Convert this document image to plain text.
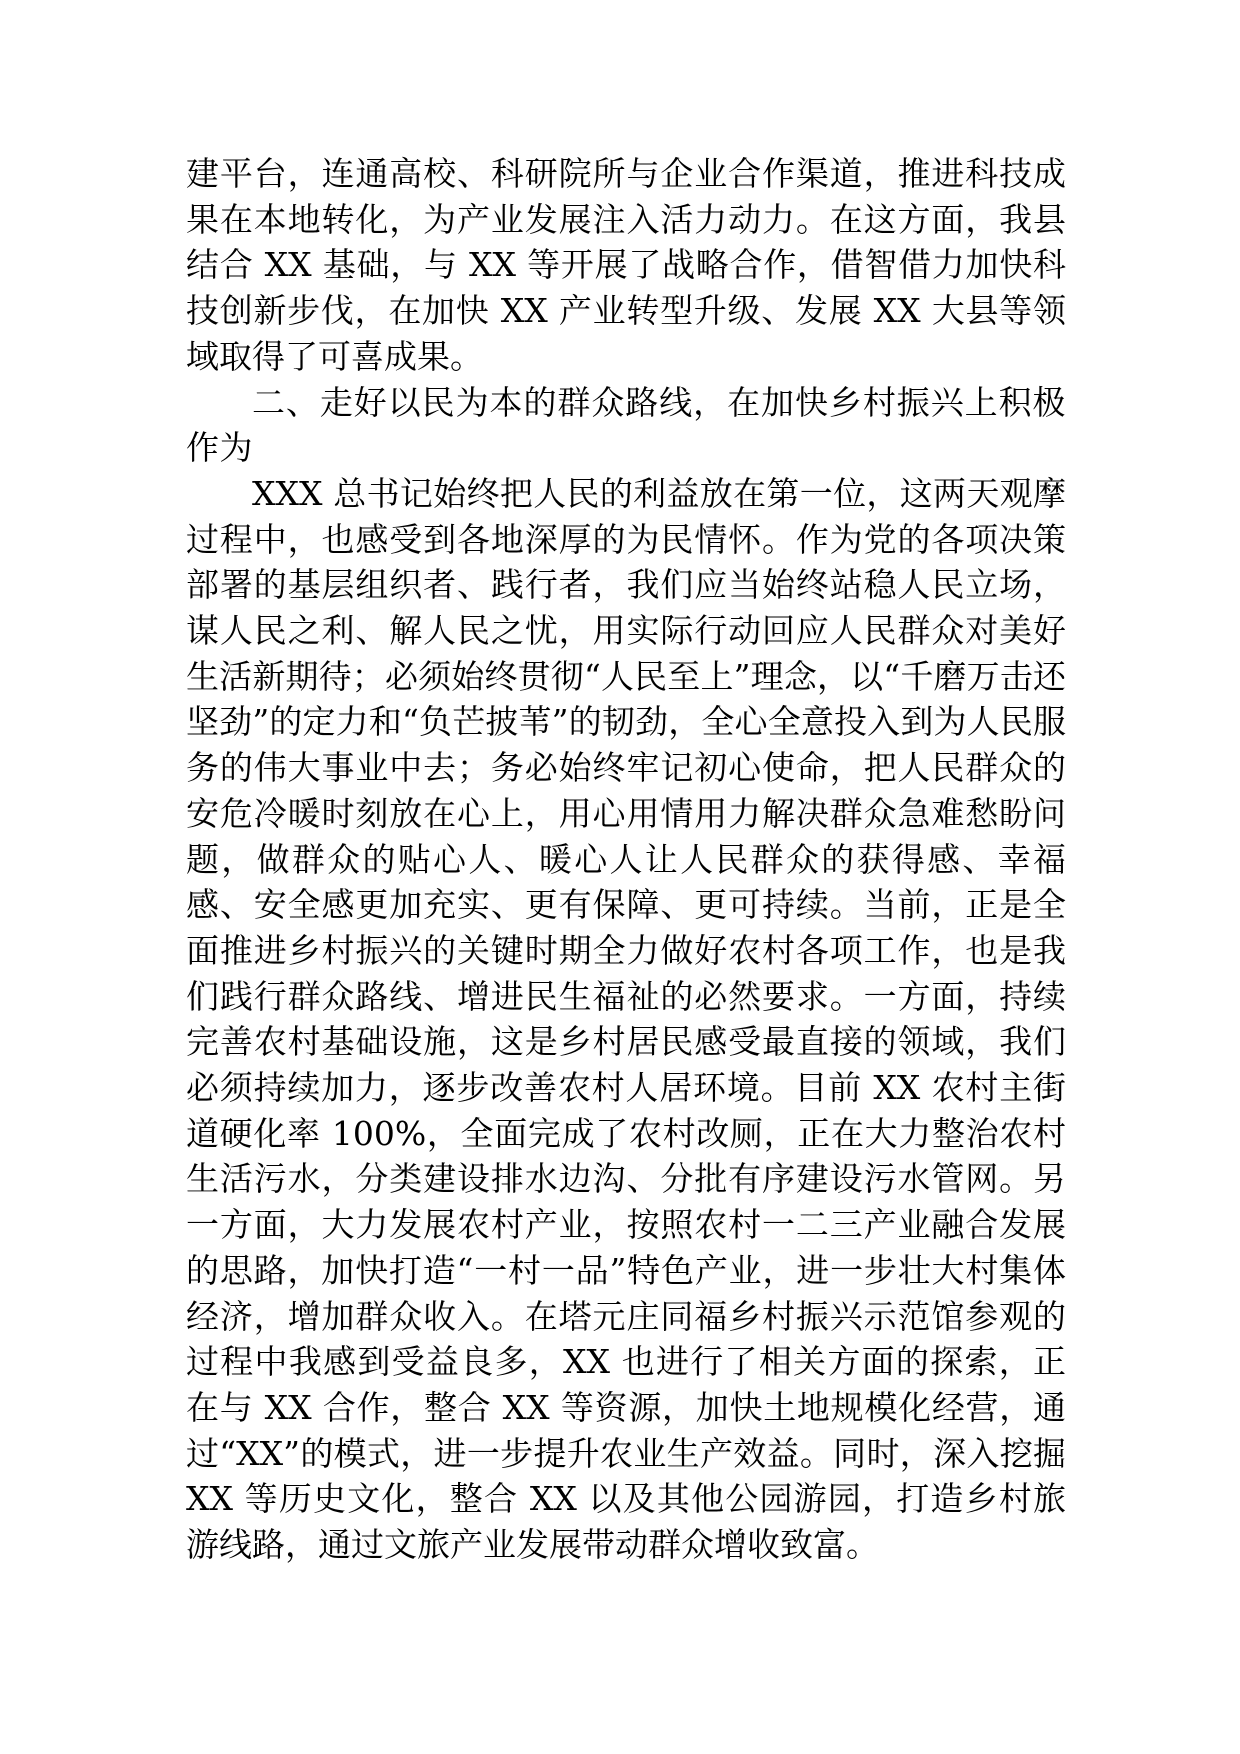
建平台，连通高校、科研院所与企业合作渠道，推进科技成果在本地转化，为产业发展注入活力动力。在这方面，我县结合 XX 基础，与 XX 等开展了战略合作，借智借力加快科技创新步伐，在加快 XX 产业转型升级、发展 XX 大县等领域取得了可喜成果。

二、走好以民为本的群众路线，在加快乡村振兴上积极作为

XXX 总书记始终把人民的利益放在第一位，这两天观摩过程中，也感受到各地深厚的为民情怀。作为党的各项决策部署的基层组织者、践行者，我们应当始终站稳人民立场，谋人民之利、解人民之忧，用实际行动回应人民群众对美好生活新期待；必须始终贯彻“人民至上”理念，以“千磨万击还坚劲”的定力和“负芒披苇”的韧劲，全心全意投入到为人民服务的伟大事业中去；务必始终牢记初心使命，把人民群众的安危冷暖时刻放在心上，用心用情用力解决群众急难愁盼问题，做群众的贴心人、暖心人让人民群众的获得感、幸福感、安全感更加充实、更有保障、更可持续。当前，正是全面推进乡村振兴的关键时期全力做好农村各项工作，也是我们践行群众路线、增进民生福祉的必然要求。一方面，持续完善农村基础设施，这是乡村居民感受最直接的领域，我们必须持续加力，逐步改善农村人居环境。目前 XX 农村主街道硬化率 100%，全面完成了农村改厕，正在大力整治农村生活污水，分类建设排水边沟、分批有序建设污水管网。另一方面，大力发展农村产业，按照农村一二三产业融合发展的思路，加快打造“一村一品”特色产业，进一步壮大村集体经济，增加群众收入。在塔元庄同福乡村振兴示范馆参观的过程中我感到受益良多，XX 也进行了相关方面的探索，正在与 XX 合作，整合 XX 等资源，加快土地规模化经营，通过“XX”的模式，进一步提升农业生产效益。同时，深入挖掘 XX 等历史文化，整合 XX 以及其他公园游园，打造乡村旅游线路，通过文旅产业发展带动群众增收致富。
